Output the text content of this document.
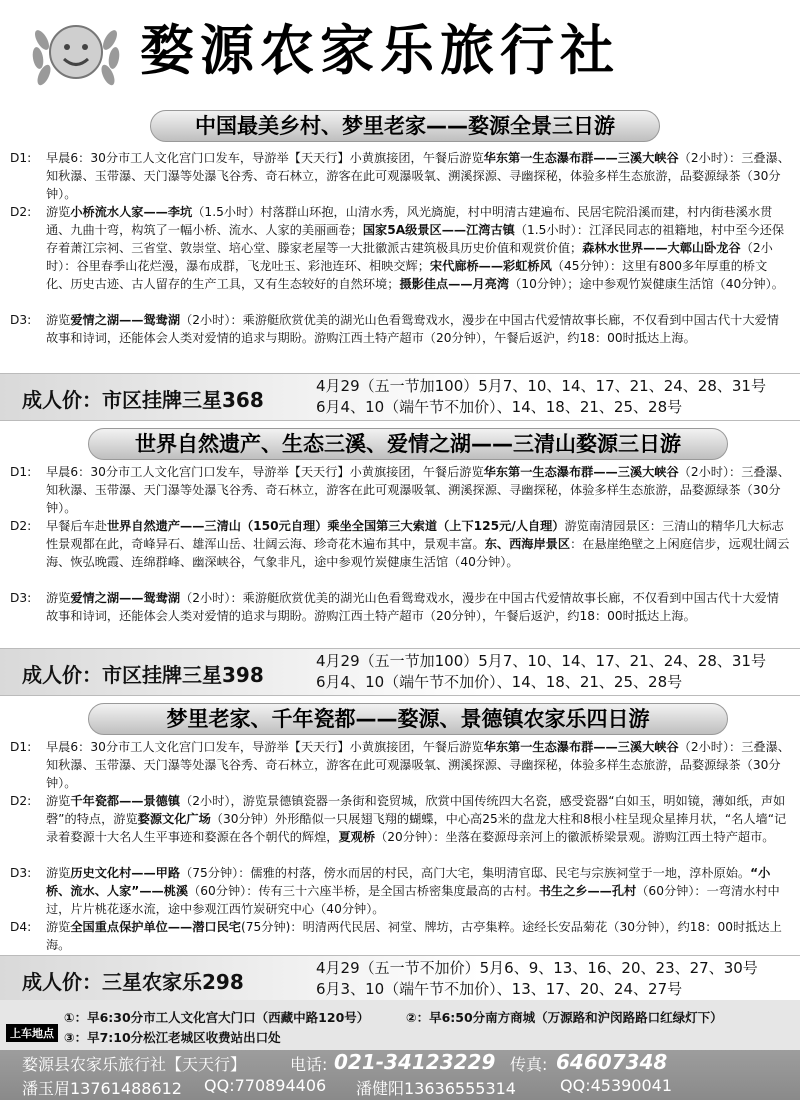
婺源农家乐旅行社
中国最美乡村、梦里老家——婺源全景三日游
D1: 早晨6：30分市工人文化宫门口发车，导游举【天天行】小黄旗接团，午餐后游览华东第一生态瀑布群——三溪大峡谷（2小时）：三叠瀑、知秋瀑、玉带瀑、天门瀑等处瀑飞谷秀、奇石林立，游客在此可观瀑吸氧、溯溪探源、寻幽探秘，体验多样生态旅游，品婺源绿茶（30分钟）。
D2: 游览小桥流水人家——李坑（1.5小时）村落群山环抱，山清水秀，风光旖旎，村中明清古建遍布、民居宅院沿溪而建，村内街巷溪水贯通、九曲十弯，构筑了一幅小桥、流水、人家的美丽画卷；国家5A级景区——江湾古镇（1.5小时）：江泽民同志的祖籍地，村中至今还保存着萧江宗祠、三省堂、敦崇堂、培心堂、滕家老屋等一大批徽派古建筑极具历史价值和观赏价值；森林水世界——大鄣山卧龙谷（2小时）：谷里春季山花烂漫，瀑布成群，飞龙吐玉、彩池连环、相映交辉；宋代廊桥——彩虹桥风（45分钟）：这里有800多年厚重的桥文化、历史古迹、古人留存的生产工具，又有生态较好的自然环境；摄影佳点——月亮湾（10分钟）；途中参观竹炭健康生活馆（40分钟）。
D3: 游览爱情之湖——鸳鸯湖（2小时）：乘游艇欣赏优美的湖光山色看鸳鸯戏水，漫步在中国古代爱情故事长廊，不仅看到中国古代十大爱情故事和诗词，还能体会人类对爱情的追求与期盼。游购江西土特产超市（20分钟），午餐后返沪，约18：00时抵达上海。
成人价：市区挂牌三星368
4月29（五一节加100）5月7、10、14、17、21、24、28、31号
6月4、10（端午节不加价）、14、18、21、25、28号
世界自然遗产、生态三溪、爱情之湖——三清山婺源三日游
D1: 早晨6：30分市工人文化宫门口发车，导游举【天天行】小黄旗接团，午餐后游览华东第一生态瀑布群——三溪大峡谷（2小时）：三叠瀑、知秋瀑、玉带瀑、天门瀑等处瀑飞谷秀、奇石林立，游客在此可观瀑吸氧、溯溪探源、寻幽探秘，体验多样生态旅游，品婺源绿茶（30分钟）。
D2: 早餐后车赴世界自然遗产——三清山（150元自理）乘坐全国第三大索道（上下125元/人自理）游览南清园景区：三清山的精华几大标志性景观都在此，奇峰异石、雄浑山岳、壮阔云海、珍奇花木遍布其中，景观丰富。东、西海岸景区：在悬崖绝壁之上闲庭信步，远观壮阔云海、恢弘晚霞、连绵群峰、幽深峡谷，气象非凡，途中参观竹炭健康生活馆（40分钟）。
D3: 游览爱情之湖——鸳鸯湖（2小时）：乘游艇欣赏优美的湖光山色看鸳鸯戏水，漫步在中国古代爱情故事长廊，不仅看到中国古代十大爱情故事和诗词，还能体会人类对爱情的追求与期盼。游购江西土特产超市（20分钟），午餐后返沪，约18：00时抵达上海。
成人价：市区挂牌三星398
4月29（五一节加100）5月7、10、14、17、21、24、28、31号
6月4、10（端午节不加价）、14、18、21、25、28号
梦里老家、千年瓷都——婺源、景德镇农家乐四日游
D1: 早晨6：30分市工人文化宫门口发车，导游举【天天行】小黄旗接团，午餐后游览华东第一生态瀑布群——三溪大峡谷（2小时）：三叠瀑、知秋瀑、玉带瀑、天门瀑等处瀑飞谷秀、奇石林立，游客在此可观瀑吸氧、溯溪探源、寻幽探秘，体验多样生态旅游，品婺源绿茶（30分钟）。
D2: 游览千年瓷都——景德镇（2小时），游览景德镇瓷器一条街和瓷贸城，欣赏中国传统四大名瓷，感受瓷器“白如玉，明如镜，薄如纸，声如磬”的特点，游览婺源文化广场（30分钟）外形酷似一只展翅飞翔的蝴蝶，中心高25米的盘龙大柱和8根小柱呈现众星捧月状，“名人墙“记录着婺源十大名人生平事迹和婺源在各个朝代的辉煌，夏观桥（20分钟）：坐落在婺源母亲河上的徽派桥梁景观。游购江西土特产超市。
D3: 游览历史文化村——甲路（75分钟）：儒雅的村落，傍水而居的村民，高门大宅，集明清官邸、民宅与宗族祠堂于一地，淳朴原始。“小桥、流水、人家”——桃溪（60分钟）：传有三十六座半桥，是全国古桥密集度最高的古村。书生之乡——孔村（60分钟）：一弯清水村中过，片片桃花逐水流，途中参观江西竹炭研究中心（40分钟）。
D4: 游览全国重点保护单位——潜口民宅(75分钟)：明清两代民居、祠堂、牌坊，古亭集粹。途经长安品菊花（30分钟），约18：00时抵达上海。
成人价：三星农家乐298
4月29（五一节不加价）5月6、9、13、16、20、23、27、30号
6月3、10（端午节不加价）、13、17、20、24、27号
上车地点
①：早6:30分市工人文化宫大门口（西藏中路120号）	②：早6:50分南方商城（万源路和沪闵路路口红绿灯下）
③：早7:10分松江老城区收费站出口处
婺源县农家乐旅行社【天天行】	电话: 021-34123229 传真: 64607348
潘玉眉13761488612 QQ:770894406 潘健阳13636555314	QQ:45390041
